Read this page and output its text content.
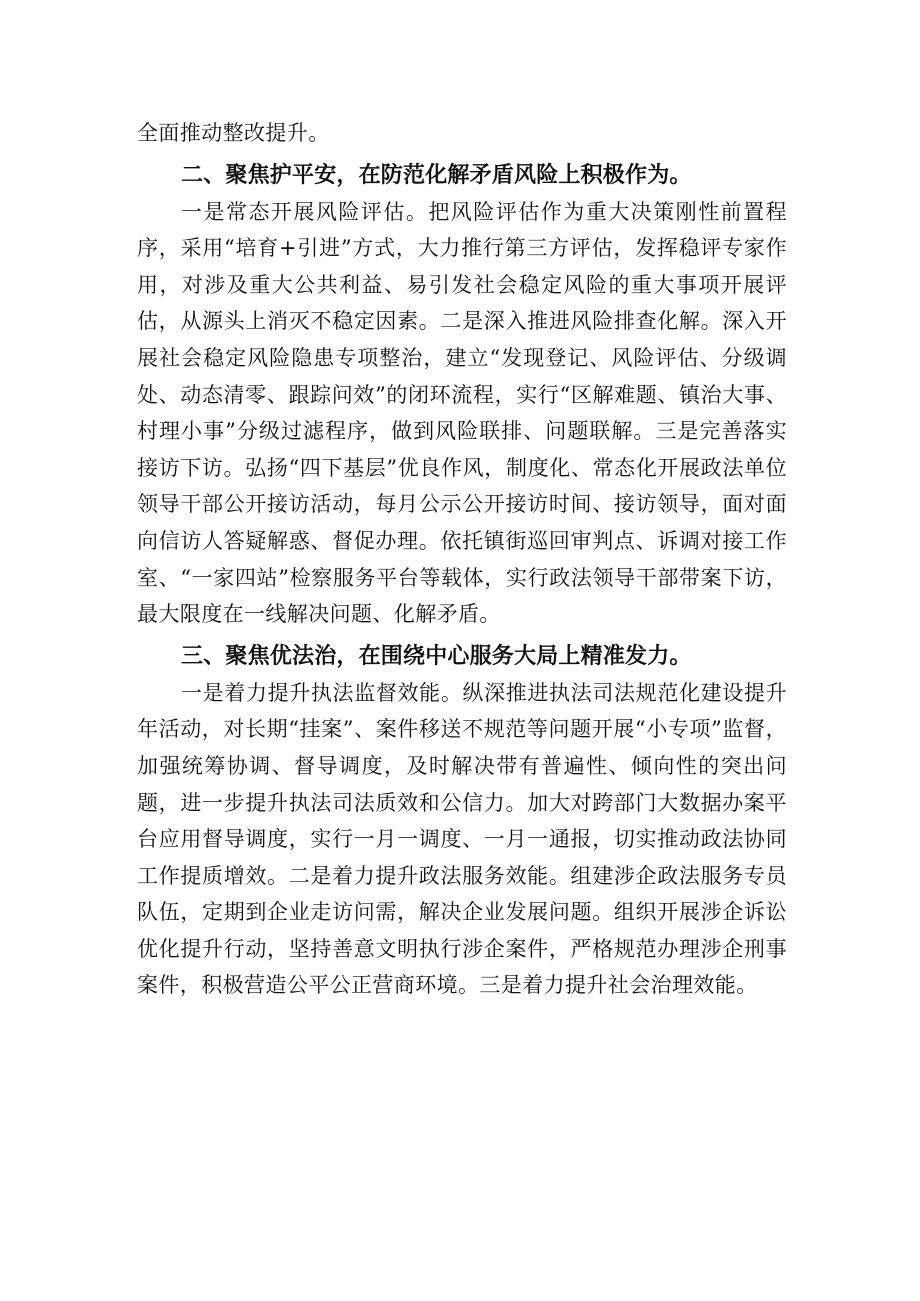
全面推动整改提升。

二、聚焦护平安，在防范化解矛盾风险上积极作为。

一是常态开展风险评估。把风险评估作为重大决策刚性前置程序，采用“培育+引进”方式，大力推行第三方评估，发挥稳评专家作用，对涉及重大公共利益、易引发社会稳定风险的重大事项开展评估，从源头上消灭不稳定因素。二是深入推进风险排查化解。深入开展社会稳定风险隐患专项整治，建立“发现登记、风险评估、分级调处、动态清零、跟踪问效”的闭环流程，实行“区解难题、镇治大事、村理小事”分级过滤程序，做到风险联排、问题联解。三是完善落实接访下访。弘扬“四下基层”优良作风，制度化、常态化开展政法单位领导干部公开接访活动，每月公示公开接访时间、接访领导，面对面向信访人答疑解惑、督促办理。依托镇街巡回审判点、诉调对接工作室、“一家四站”检察服务平台等载体，实行政法领导干部带案下访，最大限度在一线解决问题、化解矛盾。

三、聚焦优法治，在围绕中心服务大局上精准发力。

一是着力提升执法监督效能。纵深推进执法司法规范化建设提升年活动，对长期“挂案”、案件移送不规范等问题开展“小专项”监督，加强统筹协调、督导调度，及时解决带有普遍性、倾向性的突出问题，进一步提升执法司法质效和公信力。加大对跨部门大数据办案平台应用督导调度，实行一月一调度、一月一通报，切实推动政法协同工作提质增效。二是着力提升政法服务效能。组建涉企政法服务专员队伍，定期到企业走访问需，解决企业发展问题。组织开展涉企诉讼优化提升行动，坚持善意文明执行涉企案件，严格规范办理涉企刑事案件，积极营造公平公正营商环境。三是着力提升社会治理效能。
